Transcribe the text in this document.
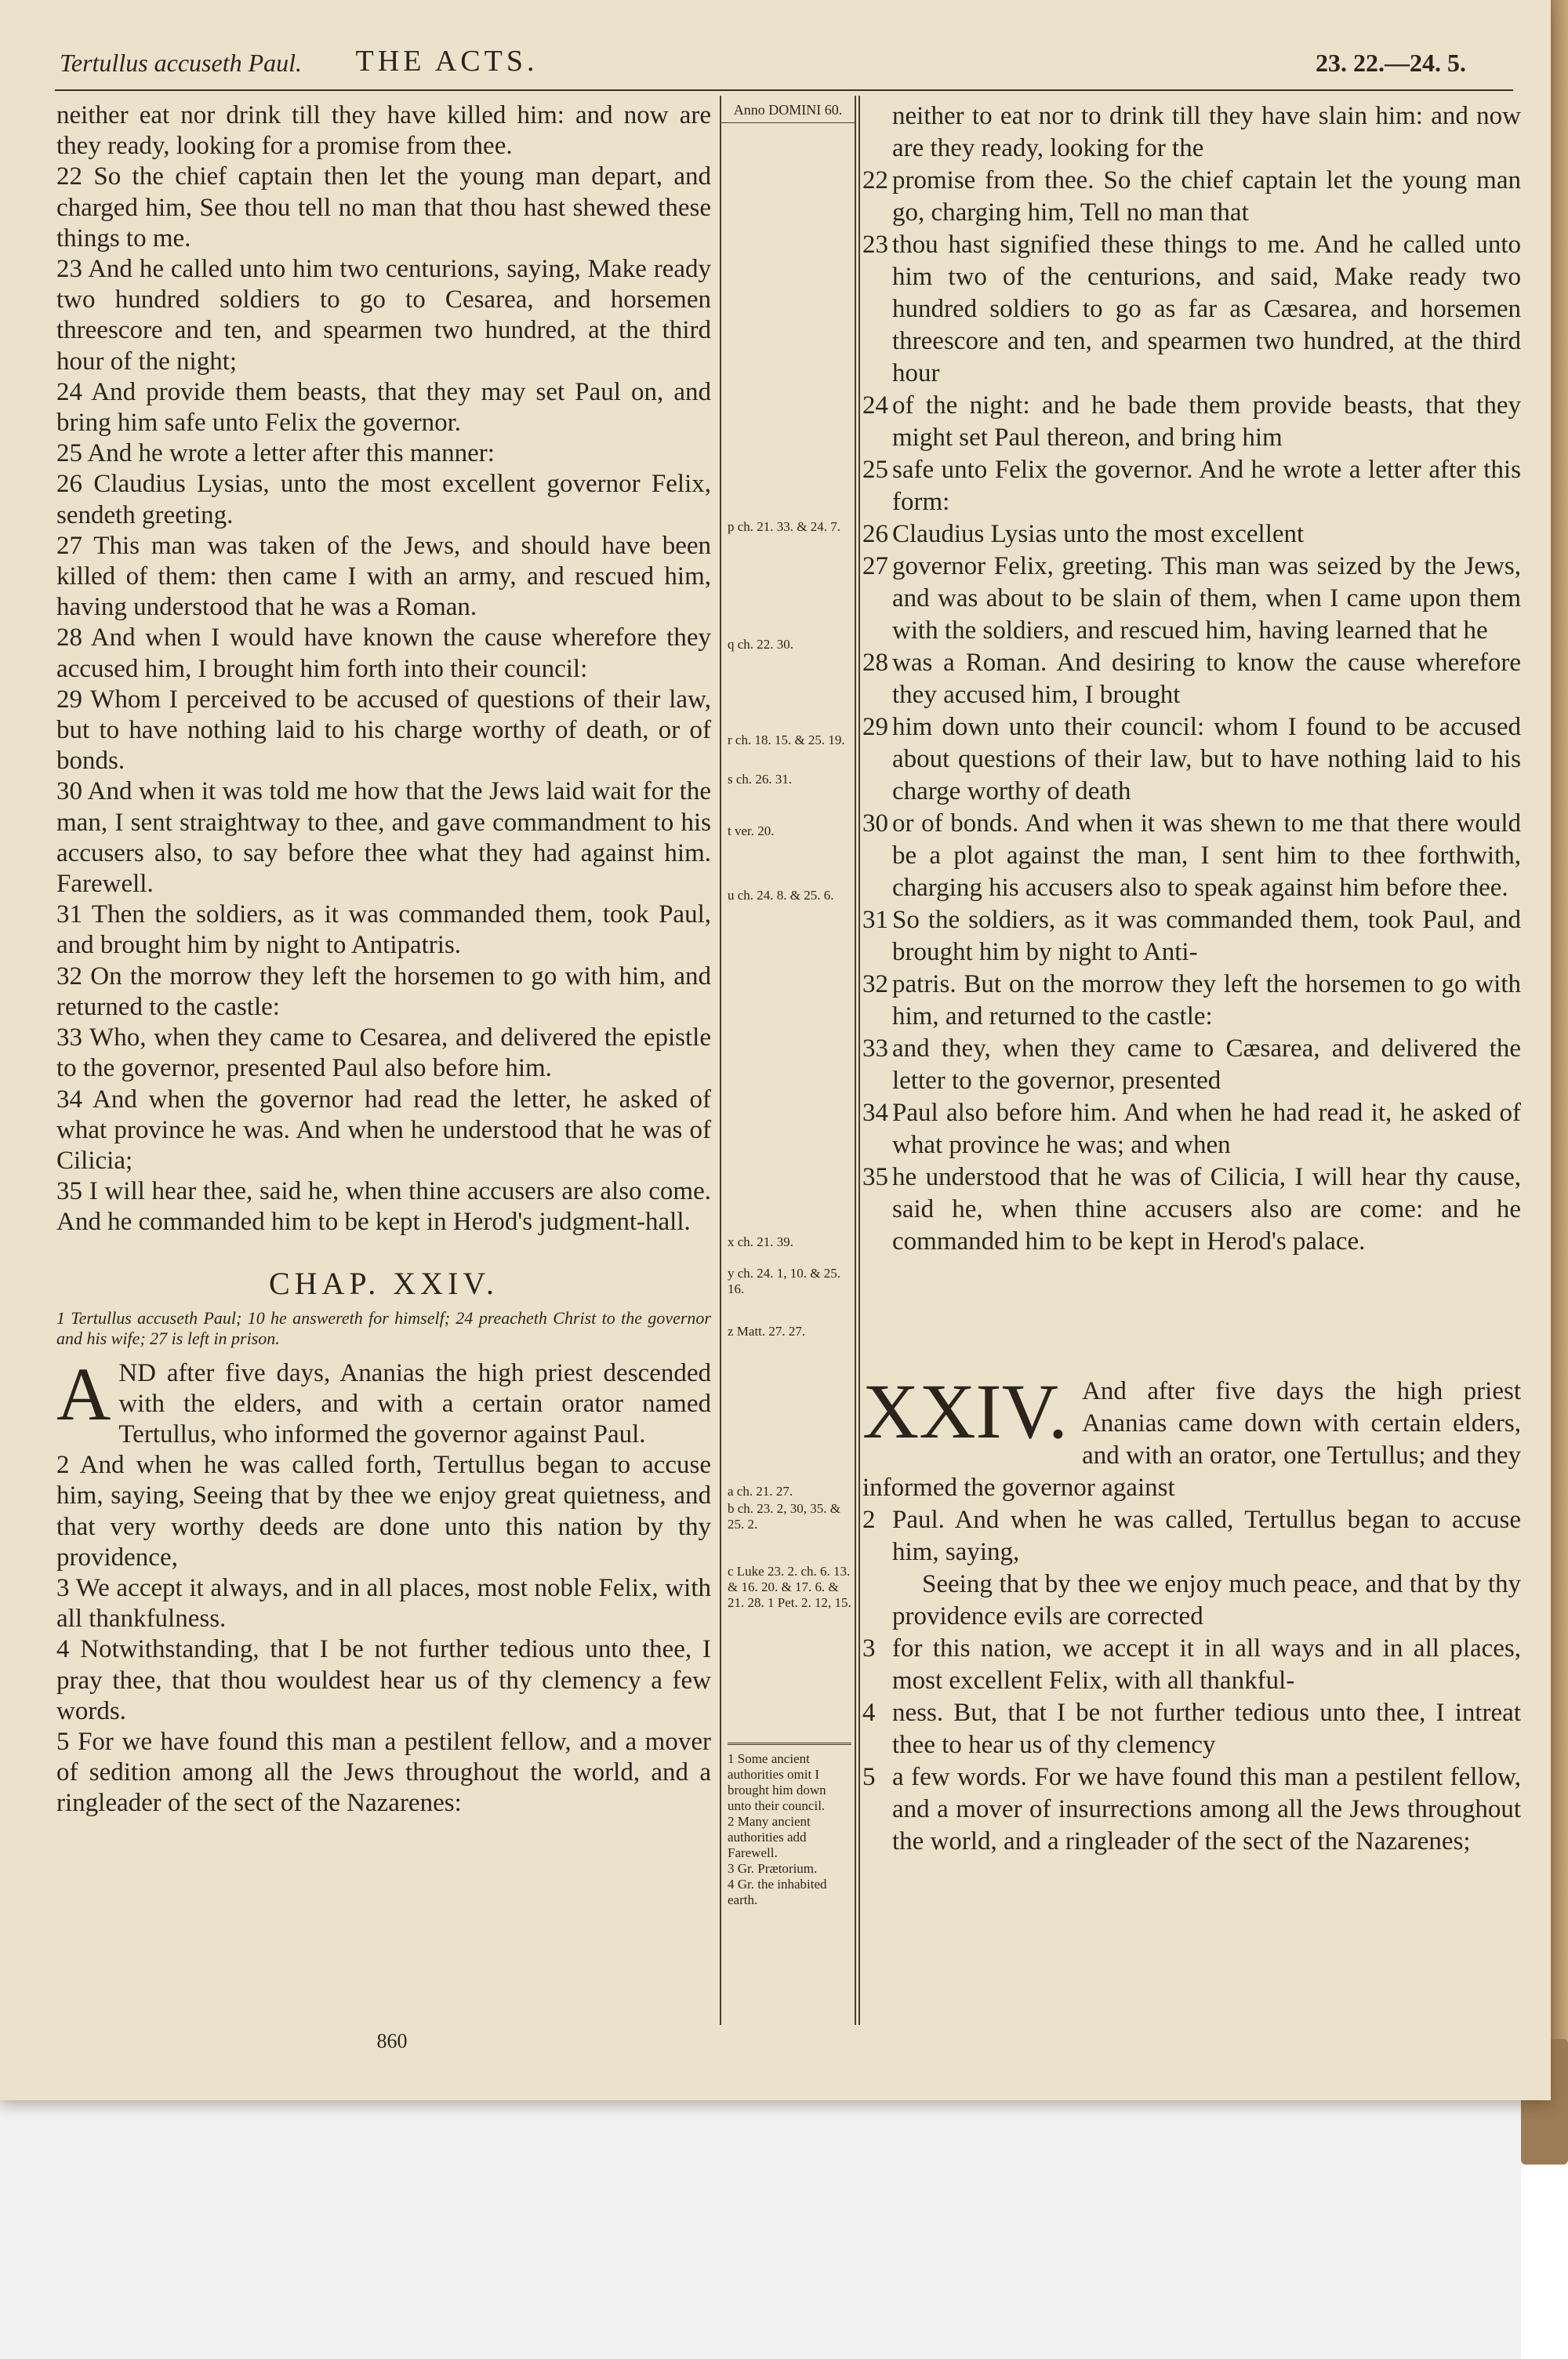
Tertullus accuseth Paul.	THE ACTS.	23. 22.—24. 5.

neither eat nor drink till they have killed him: and now are they ready, looking for a promise from thee.

22 So the chief captain then let the young man depart, and charged him, See thou tell no man that thou hast shewed these things to me.

23 And he called unto him two centurions, saying, Make ready two hundred soldiers to go to Cesarea, and horsemen threescore and ten, and spearmen two hundred, at the third hour of the night;

24 And provide them beasts, that they may set Paul on, and bring him safe unto Felix the governor.

25 And he wrote a letter after this manner:

26 Claudius Lysias, unto the most excellent governor Felix, sendeth greeting.

27 This man was taken of the Jews, and should have been killed of them: then came I with an army, and rescued him, having understood that he was a Roman.

28 And when I would have known the cause wherefore they accused him, I brought him forth into their council:

29 Whom I perceived to be accused of questions of their law, but to have nothing laid to his charge worthy of death, or of bonds.

30 And when it was told me how that the Jews laid wait for the man, I sent straightway to thee, and gave commandment to his accusers also, to say before thee what they had against him. Farewell.

31 Then the soldiers, as it was commanded them, took Paul, and brought him by night to Antipatris.

32 On the morrow they left the horsemen to go with him, and returned to the castle:

33 Who, when they came to Cesarea, and delivered the epistle to the governor, presented Paul also before him.

34 And when the governor had read the letter, he asked of what province he was. And when he understood that he was of Cilicia;

35 I will hear thee, said he, when thine accusers are also come. And he commanded him to be kept in Herod's judgment-hall.

CHAP. XXIV.

1 Tertullus accuseth Paul; 10 he answereth for himself; 24 preacheth Christ to the governor and his wife; 27 is left in prison.

A ND after five days, Ananias the high priest descended with the elders, and with a certain orator named Tertullus, who informed the governor against Paul.

2 And when he was called forth, Tertullus began to accuse him, saying, Seeing that by thee we enjoy great quietness, and that very worthy deeds are done unto this nation by thy providence,

3 We accept it always, and in all places, most noble Felix, with all thankfulness.

4 Notwithstanding, that I be not further tedious unto thee, I pray thee, that thou wouldest hear us of thy clemency a few words.

5 For we have found this man a pestilent fellow, and a mover of sedition among all the Jews throughout the world, and a ringleader of the sect of the Nazarenes:

Anno DOMINI 60.
p ch. 21. 33. & 24. 7.
q ch. 22. 30.
r ch. 18. 15. & 25. 19.
s ch. 26. 31.
t ver. 20.
u ch. 24. 8. & 25. 6.
x ch. 21. 39.
y ch. 24. 1, 10. & 25. 16.
z Matt. 27. 27.
a ch. 21. 27.
b ch. 23. 2, 30, 35. & 25. 2.
c Luke 23. 2. ch. 6. 13. & 16. 20. & 17. 6. & 21. 28. 1 Pet. 2. 12, 15.
1 Some ancient authorities omit I brought him down unto their council.
2 Many ancient authorities add Farewell.
3 Gr. Prætorium.
4 Gr. the inhabited earth.

neither to eat nor to drink till they have slain him: and now are they ready, looking for the

22 promise from thee. So the chief captain let the young man go, charging him, Tell no man that

23 thou hast signified these things to me. And he called unto him two of the centurions, and said, Make ready two hundred soldiers to go as far as Cæsarea, and horsemen threescore and ten, and spearmen two hundred, at the third hour

24 of the night: and he bade them provide beasts, that they might set Paul thereon, and bring him

25 safe unto Felix the governor. And he wrote a letter after this form:

26 Claudius Lysias unto the most excellent

27 governor Felix, greeting. This man was seized by the Jews, and was about to be slain of them, when I came upon them with the soldiers, and rescued him, having learned that he

28 was a Roman. And desiring to know the cause wherefore they accused him, I brought

29 him down unto their council: whom I found to be accused about questions of their law, but to have nothing laid to his charge worthy of death

30 or of bonds. And when it was shewn to me that there would be a plot against the man, I sent him to thee forthwith, charging his accusers also to speak against him before thee.

31 So the soldiers, as it was commanded them, took Paul, and brought him by night to Anti-

32 patris. But on the morrow they left the horsemen to go with him, and returned to the castle:

33 and they, when they came to Cæsarea, and delivered the letter to the governor, presented

34 Paul also before him. And when he had read it, he asked of what province he was; and when

35 he understood that he was of Cilicia, I will hear thy cause, said he, when thine accusers also are come: and he commanded him to be kept in Herod's palace.

XXIV. And after five days the high priest Ananias came down with certain elders, and with an orator, one Tertullus; and they informed the governor against

2 Paul. And when he was called, Tertullus began to accuse him, saying,

Seeing that by thee we enjoy much peace, and that by thy providence evils are corrected

3 for this nation, we accept it in all ways and in all places, most excellent Felix, with all thankful-

4 ness. But, that I be not further tedious unto thee, I intreat thee to hear us of thy clemency

5 a few words. For we have found this man a pestilent fellow, and a mover of insurrections among all the Jews throughout the world, and a ringleader of the sect of the Nazarenes;

860
